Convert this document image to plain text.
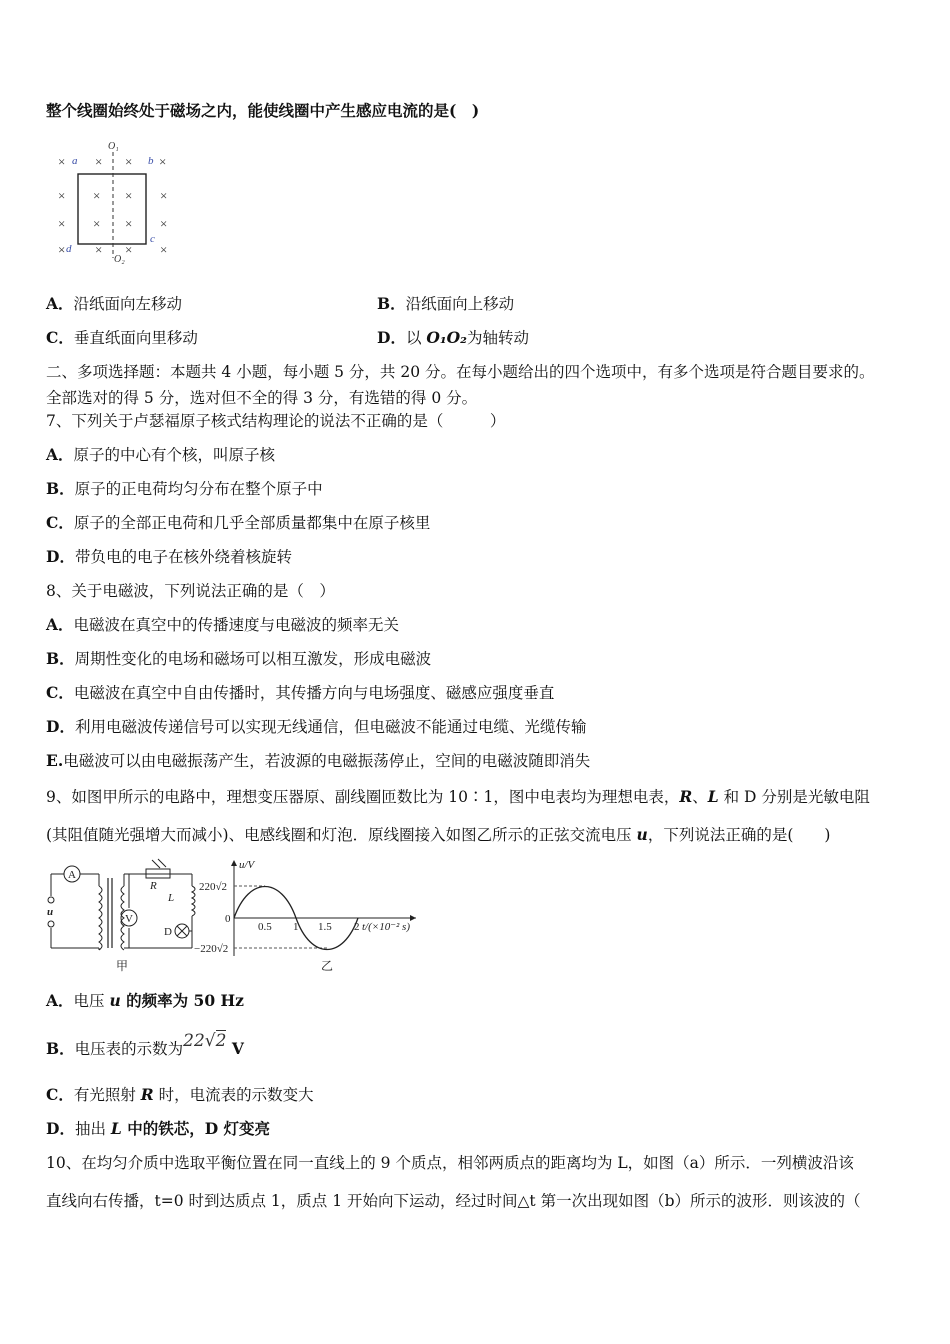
整个线圈始终处于磁场之内，能使线圈中产生感应电流的是(　)
× × × ×
× × × ×
× × × ×
× × × ×
O₁
O₂
a	b
c
d
A．沿纸面向左移动	B．沿纸面向上移动
C．垂直纸面向里移动	D．以 O₁O₂为轴转动
二、多项选择题：本题共 4 小题，每小题 5 分，共 20 分。在每小题给出的四个选项中，有多个选项是符合题目要求的。
全部选对的得 5 分，选对但不全的得 3 分，有选错的得 0 分。
7、下列关于卢瑟福原子核式结构理论的说法不正确的是（　　　）
A．原子的中心有个核，叫原子核
B．原子的正电荷均匀分布在整个原子中
C．原子的全部正电荷和几乎全部质量都集中在原子核里
D．带负电的电子在核外绕着核旋转
8、关于电磁波，下列说法正确的是（　）
A．电磁波在真空中的传播速度与电磁波的频率无关
B．周期性变化的电场和磁场可以相互激发，形成电磁波
C．电磁波在真空中自由传播时，其传播方向与电场强度、磁感应强度垂直
D．利用电磁波传递信号可以实现无线通信，但电磁波不能通过电缆、光缆传输
E.电磁波可以由电磁振荡产生，若波源的电磁振荡停止，空间的电磁波随即消失
9、如图甲所示的电路中，理想变压器原、副线圈匝数比为 10∶1，图中电表均为理想电表，R、L 和 D 分别是光敏电阻
(其阻值随光强增大而减小)、电感线圈和灯泡．原线圈接入如图乙所示的正弦交流电压 u，下列说法正确的是(　　)
A
V
R
L
D
u
甲
u/V
220√2
0
−220√2
0.5 1 1.5 2 t/(×10⁻² s)
乙
A．电压 u 的频率为 50 Hz
B．电压表的示数为22√2 V
C．有光照射 R 时，电流表的示数变大
D．抽出 L 中的铁芯，D 灯变亮
10、在均匀介质中选取平衡位置在同一直线上的 9 个质点，相邻两质点的距离均为 L，如图（a）所示．一列横波沿该
直线向右传播，t=0 时到达质点 1，质点 1 开始向下运动，经过时间△t 第一次出现如图（b）所示的波形．则该波的（
